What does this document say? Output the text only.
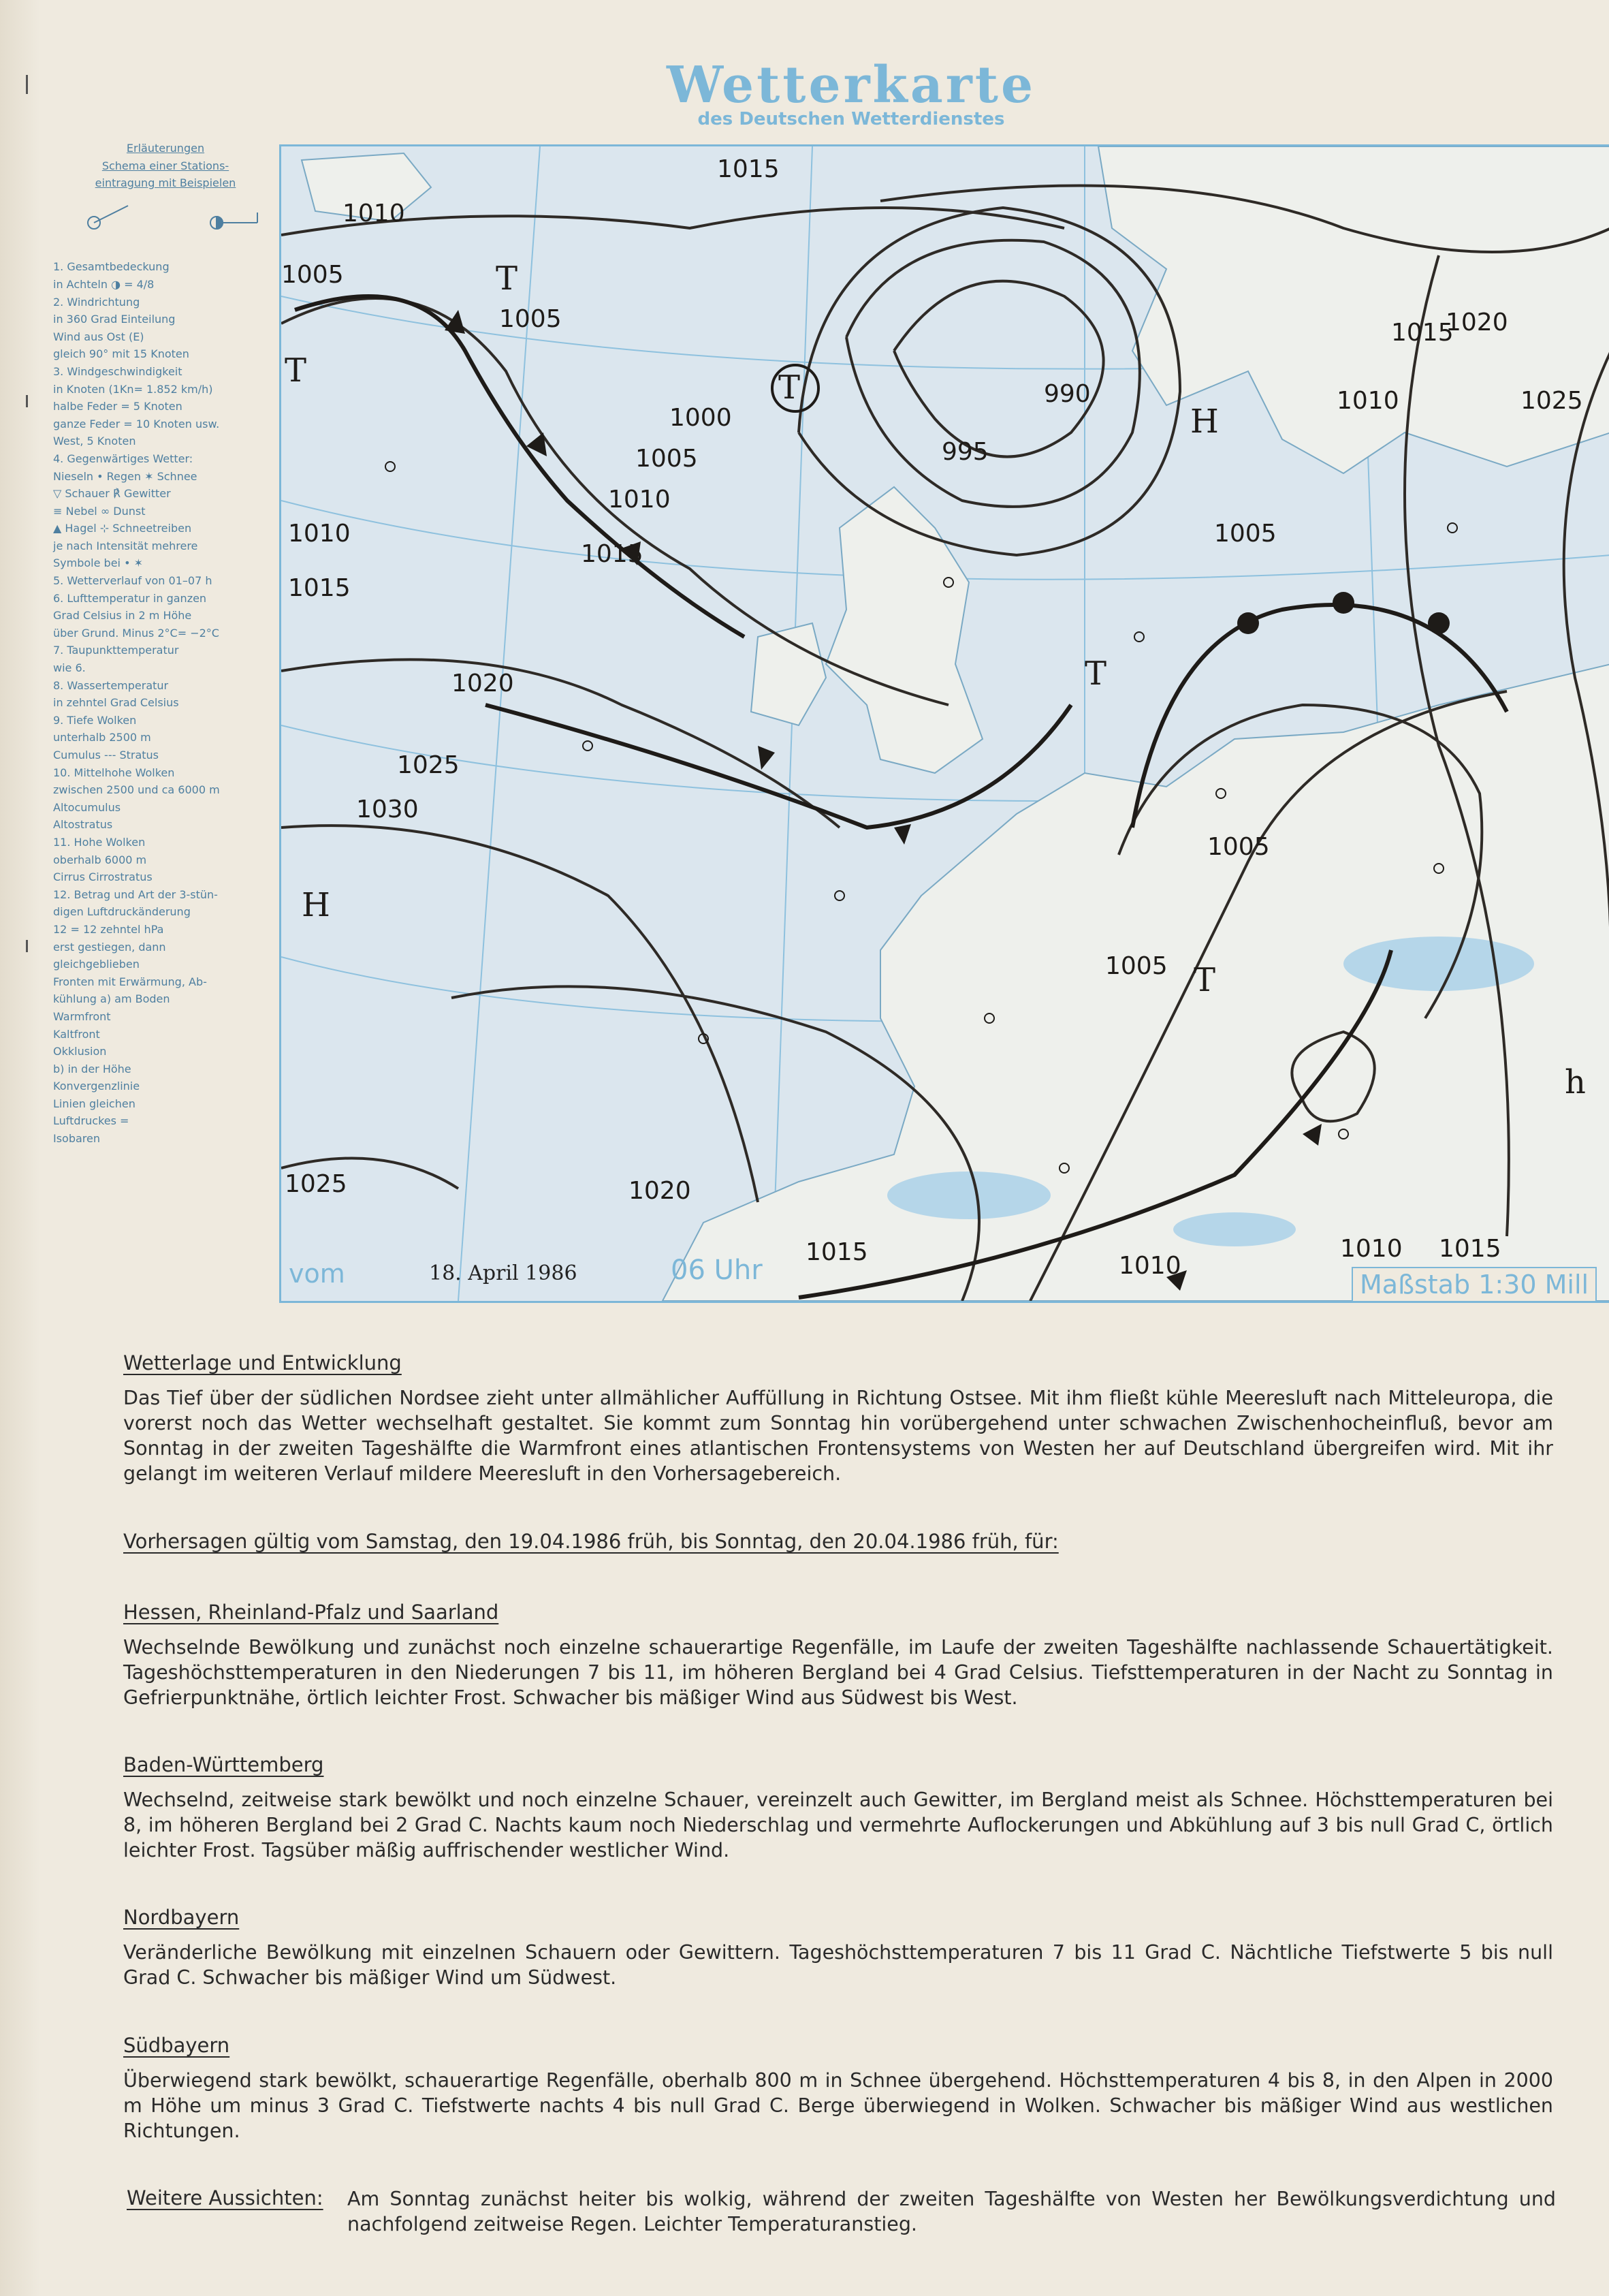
Wetterkarte
des Deutschen Wetterdienstes

Erläuterungen

Schema einer Stations-
eintragung mit Beispielen

1. Gesamtbedeckung
in Achteln ◑ = 4/8

2. Windrichtung
in 360 Grad Einteilung
Wind aus Ost (E)
gleich 90° mit 15 Knoten

3. Windgeschwindigkeit
in Knoten (1Kn= 1.852 km/h)
halbe Feder = 5 Knoten
ganze Feder = 10 Knoten usw.
West, 5 Knoten

4. Gegenwärtiges Wetter:
Nieseln • Regen ✶ Schnee
▽ Schauer ℟ Gewitter
≡ Nebel ∞ Dunst
▲ Hagel ⊹ Schneetreiben
je nach Intensität mehrere
Symbole bei • ✶

5. Wetterverlauf von 01–07 h

6. Lufttemperatur in ganzen
Grad Celsius in 2 m Höhe
über Grund. Minus 2°C= −2°C

7. Taupunkttemperatur
wie 6.

8. Wassertemperatur
in zehntel Grad Celsius

9. Tiefe Wolken
unterhalb 2500 m
Cumulus --- Stratus

10. Mittelhohe Wolken
zwischen 2500 und ca 6000 m
Altocumulus
Altostratus

11. Hohe Wolken
oberhalb 6000 m
Cirrus Cirrostratus

12. Betrag und Art der 3-stün-
digen Luftdruckänderung
12 = 12 zehntel hPa
erst gestiegen, dann
gleichgeblieben

Fronten mit Erwärmung, Ab-
kühlung a) am Boden
Warmfront
Kaltfront
Okklusion
b) in der Höhe

Konvergenzlinie
Linien gleichen
Luftdruckes =
Isobaren

1010
1015
1005
1005
1000
990
995
1005
1010
1015
1010
1015
1020
1025
1030
1005
1005
1015
1020
1010	1025
1005
1025	1020
1015	1010
1010 1015
T
T
T
T
T
H
H
h
vom	18. April 1986	06 Uhr	Maßstab 1:30 Mill
Wetterlage und Entwicklung
Das Tief über der südlichen Nordsee zieht unter allmählicher Auffüllung in Richtung Ostsee. Mit ihm fließt kühle Meeresluft nach Mitteleuropa, die vorerst noch das Wetter wechselhaft gestaltet. Sie kommt zum Sonntag hin vorübergehend unter schwachen Zwischenhocheinfluß, bevor am Sonntag in der zweiten Tageshälfte die Warmfront eines atlantischen Frontensystems von Westen her auf Deutschland übergreifen wird. Mit ihr gelangt im weiteren Verlauf mildere Meeresluft in den Vorhersagebereich.
Vorhersagen gültig vom Samstag, den 19.04.1986 früh, bis Sonntag, den 20.04.1986 früh, für:
Hessen, Rheinland-Pfalz und Saarland
Wechselnde Bewölkung und zunächst noch einzelne schauerartige Regenfälle, im Laufe der zweiten Tageshälfte nachlassende Schauertätigkeit. Tageshöchsttemperaturen in den Niederungen 7 bis 11, im höheren Bergland bei 4 Grad Celsius. Tiefsttemperaturen in der Nacht zu Sonntag in Gefrierpunktnähe, örtlich leichter Frost. Schwacher bis mäßiger Wind aus Südwest bis West.
Baden-Württemberg
Wechselnd, zeitweise stark bewölkt und noch einzelne Schauer, vereinzelt auch Gewitter, im Bergland meist als Schnee. Höchsttemperaturen bei 8, im höheren Bergland bei 2 Grad C. Nachts kaum noch Niederschlag und vermehrte Auflockerungen und Abkühlung auf 3 bis null Grad C, örtlich leichter Frost. Tagsüber mäßig auffrischender westlicher Wind.
Nordbayern
Veränderliche Bewölkung mit einzelnen Schauern oder Gewittern. Tageshöchsttemperaturen 7 bis 11 Grad C. Nächtliche Tiefstwerte 5 bis null Grad C. Schwacher bis mäßiger Wind um Südwest.
Südbayern
Überwiegend stark bewölkt, schauerartige Regenfälle, oberhalb 800 m in Schnee übergehend. Höchsttemperaturen 4 bis 8, in den Alpen in 2000 m Höhe um minus 3 Grad C. Tiefstwerte nachts 4 bis null Grad C. Berge überwiegend in Wolken. Schwacher bis mäßiger Wind aus westlichen Richtungen.
Weitere Aussichten: Am Sonntag zunächst heiter bis wolkig, während der zweiten Tageshälfte von Westen her Bewölkungsverdichtung und nachfolgend zeitweise Regen. Leichter Temperaturanstieg.
